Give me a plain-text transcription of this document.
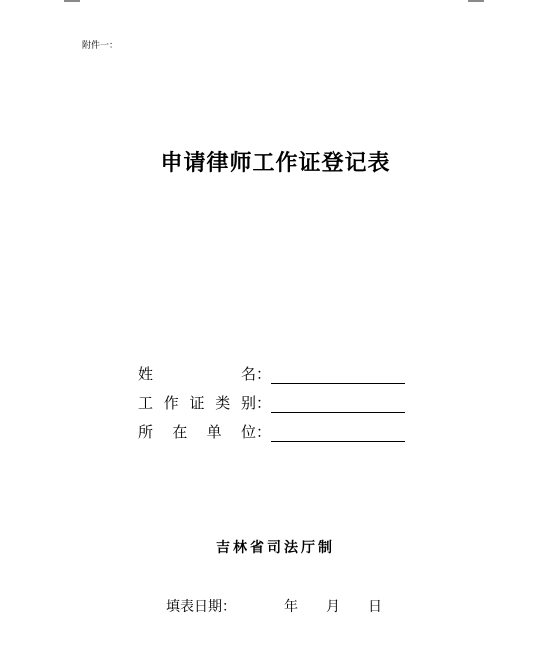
附件一：
申请律师工作证登记表
姓	名：
工 作 证 类 别：
所 在 单 位：
吉林省司法厅制
填表日期：	年 月 日
